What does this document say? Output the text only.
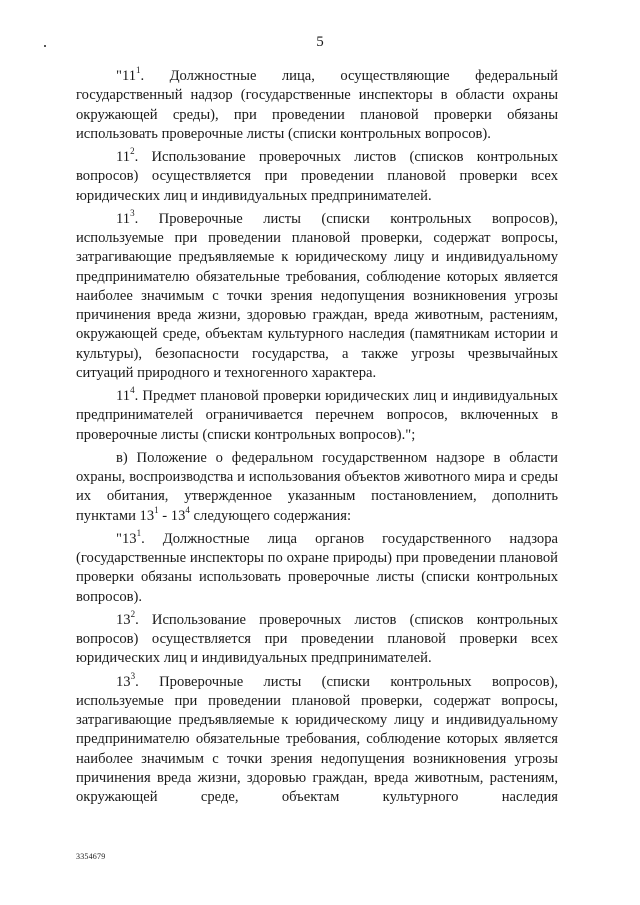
5

"$11^1$. Должностные лица, осуществляющие федеральный государственный надзор (государственные инспекторы в области охраны окружающей среды), при проведении плановой проверки обязаны использовать проверочные листы (списки контрольных вопросов).

$11^2$. Использование проверочных листов (списков контрольных вопросов) осуществляется при проведении плановой проверки всех юридических лиц и индивидуальных предпринимателей.

$11^3$. Проверочные листы (списки контрольных вопросов), используемые при проведении плановой проверки, содержат вопросы, затрагивающие предъявляемые к юридическому лицу и индивидуальному предпринимателю обязательные требования, соблюдение которых является наиболее значимым с точки зрения недопущения возникновения угрозы причинения вреда жизни, здоровью граждан, вреда животным, растениям, окружающей среде, объектам культурного наследия (памятникам истории и культуры), безопасности государства, а также угрозы чрезвычайных ситуаций природного и техногенного характера.

$11^4$. Предмет плановой проверки юридических лиц и индивидуальных предпринимателей ограничивается перечнем вопросов, включенных в проверочные листы (списки контрольных вопросов).";

в) Положение о федеральном государственном надзоре в области охраны, воспроизводства и использования объектов животного мира и среды их обитания, утвержденное указанным постановлением, дополнить пунктами $13^1 - 13^4$ следующего содержания:

"$13^1$. Должностные лица органов государственного надзора (государственные инспекторы по охране природы) при проведении плановой проверки обязаны использовать проверочные листы (списки контрольных вопросов).

$13^2$. Использование проверочных листов (списков контрольных вопросов) осуществляется при проведении плановой проверки всех юридических лиц и индивидуальных предпринимателей.

$13^3$. Проверочные листы (списки контрольных вопросов), используемые при проведении плановой проверки, содержат вопросы, затрагивающие предъявляемые к юридическому лицу и индивидуальному предпринимателю обязательные требования, соблюдение которых является наиболее значимым с точки зрения недопущения возникновения угрозы причинения вреда жизни, здоровью граждан, вреда животным, растениям, окружающей среде, объектам культурного наследия

3354679
